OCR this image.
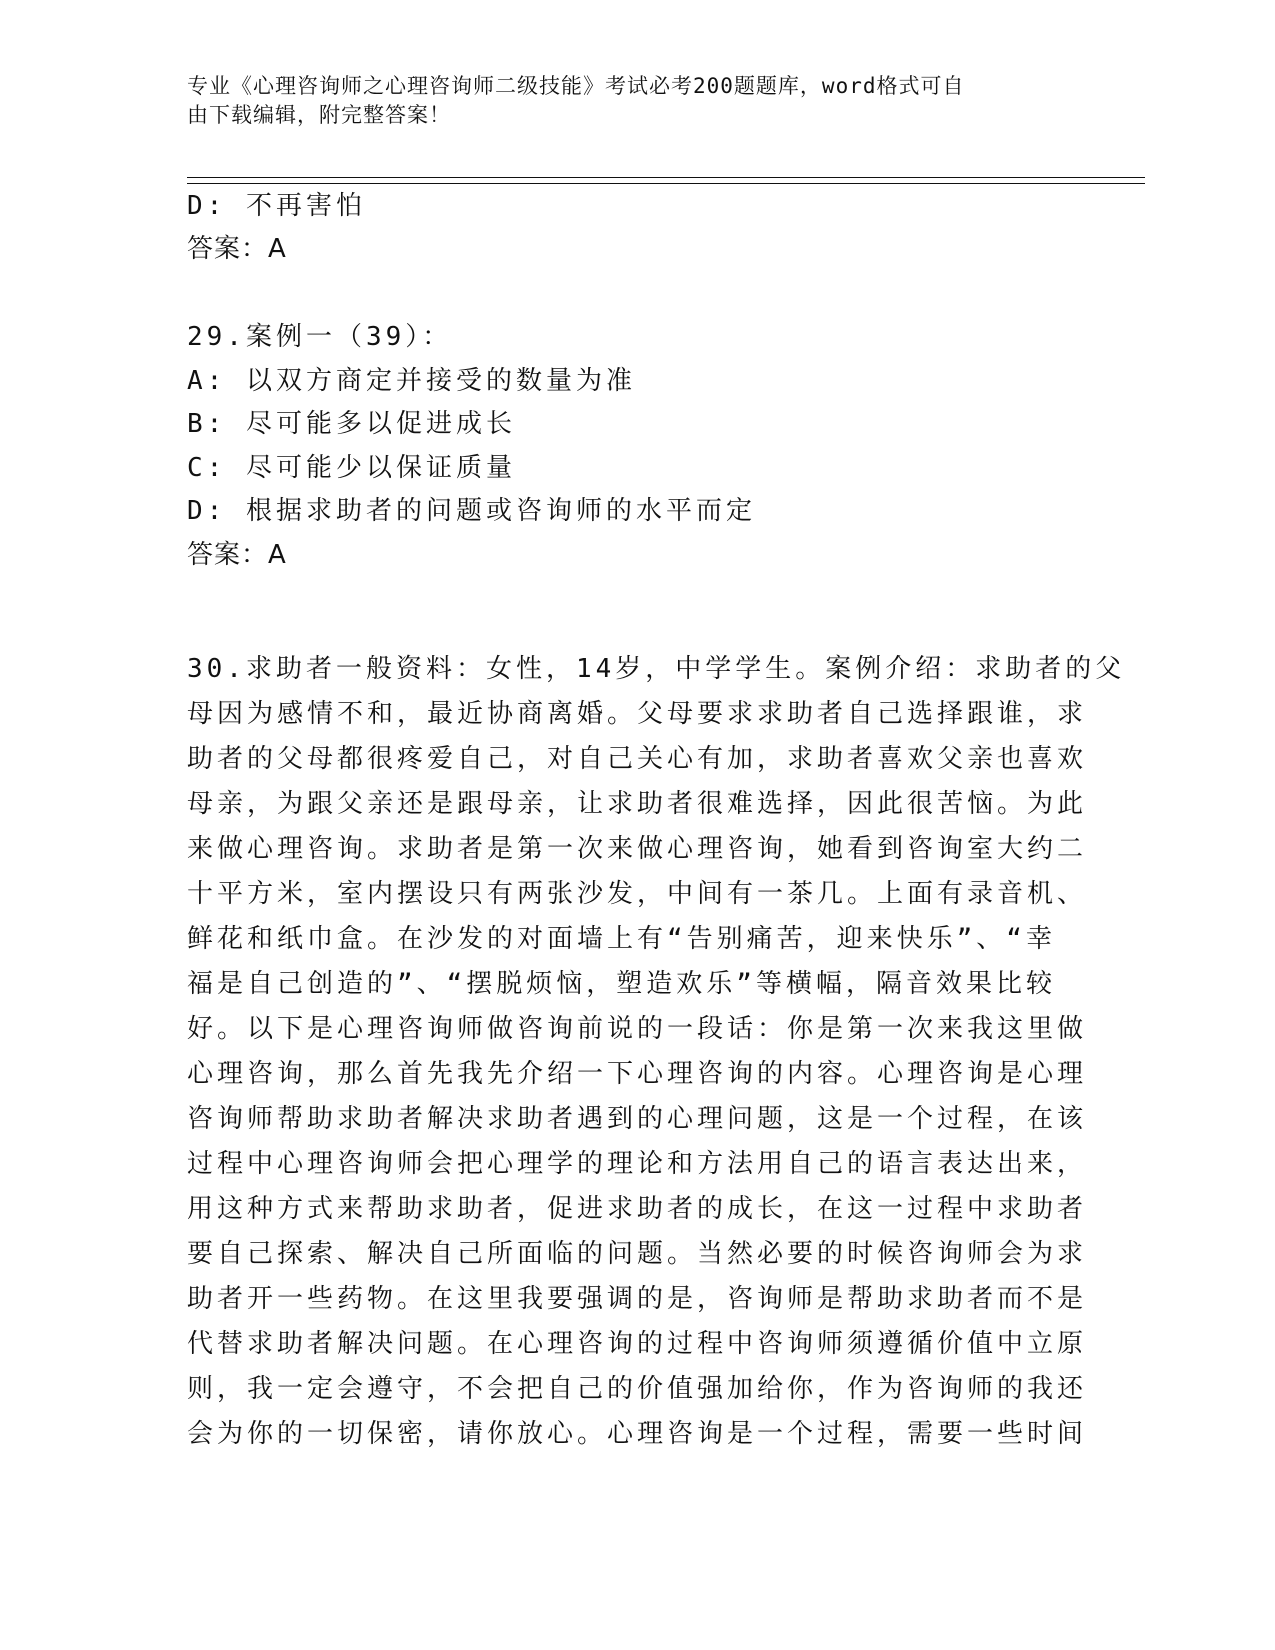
专业《心理咨询师之心理咨询师二级技能》考试必考200题题库，word格式可自
由下载编辑，附完整答案！
D: 不再害怕
答案：A
29.案例一（39）：
A: 以双方商定并接受的数量为准
B: 尽可能多以促进成长
C: 尽可能少以保证质量
D: 根据求助者的问题或咨询师的水平而定
答案：A
30.求助者一般资料：女性，14岁，中学学生。案例介绍：求助者的父
母因为感情不和，最近协商离婚。父母要求求助者自己选择跟谁，求
助者的父母都很疼爱自己，对自己关心有加，求助者喜欢父亲也喜欢
母亲，为跟父亲还是跟母亲，让求助者很难选择，因此很苦恼。为此
来做心理咨询。求助者是第一次来做心理咨询，她看到咨询室大约二
十平方米，室内摆设只有两张沙发，中间有一茶几。上面有录音机、
鲜花和纸巾盒。在沙发的对面墙上有“告别痛苦，迎来快乐”、“幸
福是自己创造的”、“摆脱烦恼，塑造欢乐”等横幅，隔音效果比较
好。以下是心理咨询师做咨询前说的一段话：你是第一次来我这里做
心理咨询，那么首先我先介绍一下心理咨询的内容。心理咨询是心理
咨询师帮助求助者解决求助者遇到的心理问题，这是一个过程，在该
过程中心理咨询师会把心理学的理论和方法用自己的语言表达出来，
用这种方式来帮助求助者，促进求助者的成长，在这一过程中求助者
要自己探索、解决自己所面临的问题。当然必要的时候咨询师会为求
助者开一些药物。在这里我要强调的是，咨询师是帮助求助者而不是
代替求助者解决问题。在心理咨询的过程中咨询师须遵循价值中立原
则，我一定会遵守，不会把自己的价值强加给你，作为咨询师的我还
会为你的一切保密，请你放心。心理咨询是一个过程，需要一些时间
